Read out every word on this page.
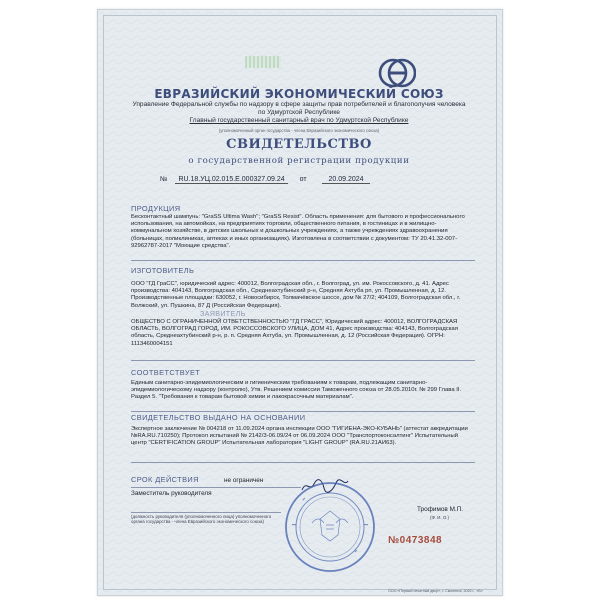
ЕВРАЗИЙСКИЙ ЭКОНОМИЧЕСКИЙ СОЮЗ
Управление Федеральной службы по надзору в сфере защиты прав потребителей и благополучия человека
по Удмуртской Республике
Главный государственный санитарный врач по Удмуртской Республике
(уполномоченный орган государства - члена Евразийского экономического союза)
СВИДЕТЕЛЬСТВО
о государственной регистрации продукции
№ RU.18.УЦ.02.015.Е.000327.09.24 от	20.09.2024
ПРОДУКЦИЯ
Бесконтактный шампунь: "GraSS Ultima Wash"; "GraSS Resist". Область применения: для бытового и профессионального использования, на автомойках, на предприятиях торговли, общественного питания, в гостиницах и в жилищно-коммунальном хозяйстве, в детских школьных и дошкольных учреждениях, а также учреждениях здравоохранения (больницах, поликлиниках, аптеках и иных организациях). Изготовлена в соответствии с документом: ТУ 20.41.32-007-92962787-2017 "Моющие средства".
ИЗГОТОВИТЕЛЬ
ООО "ГД ГраСС", юридический адрес: 400012, Волгоградская обл., г. Волгоград, ул. им. Рокоссовского, д. 41. Адрес производства: 404143, Волгоградская обл., Среднеахтубинский р-н, Средняя Ахтуба рп, ул. Промышленная, д. 12. Производственные площадки: 630052, г. Новосибирск, Толмачёвское шоссе, дом № 27/2; 404109, Волгоградская обл., г. Волжский, ул. Пушкина, 87 Д (Российская Федерация).
ЗАЯВИТЕЛЬ
ОБЩЕСТВО С ОГРАНИЧЕННОЙ ОТВЕТСТВЕННОСТЬЮ "ГД ГРАСС", Юридический адрес: 400012, ВОЛГОГРАДСКАЯ ОБЛАСТЬ, ВОЛГОГРАД ГОРОД, ИМ. РОКОССОВСКОГО УЛИЦА, ДОМ 41, Адрес производства: 404143, Волгоградская область, Среднеахтубинский р-н, р. п. Средняя Ахтуба, ул. Промышленная, д. 12 (Российская Федерация). ОГРН: 1113460004151
СООТВЕТСТВУЕТ
Единым санитарно-эпидемиологическим и гигиеническим требованиям к товарам, подлежащим санитарно-эпидемиологическому надзору (контролю), Утв. Решением комиссии Таможенного союза от 28.05.2010г. № 299 Глава II. Раздел 5. "Требования к товарам бытовой химии и лакокрасочным материалам".
СВИДЕТЕЛЬСТВО ВЫДАНО НА ОСНОВАНИИ
Экспертное заключение № 004218 от 11.09.2024 органа инспекции ООО "ГИГИЕНА-ЭКО-КУБАНЬ" (аттестат аккредитации №RA.RU.710250); Протокол испытаний № 2142/3-06.09/24 от 06.09.2024 ООО "Транспортоконсалтинг" Испытательный центр "CERTIFICATION GROUP" Испытательная лаборатория "LIGHT GROUP" (RA.RU.21АИ63).
СРОК ДЕЙСТВИЯ	не ограничен
Заместитель руководителя
(должность руководителя (уполномоченного лица) уполномоченного органа государства - члена Евразийского экономического союза)
Трофимов М.П.
(Ф. И. О.)
№0473848
ООО «Первый печатный двор», г. Смоленск, 2025 г., «Б»
